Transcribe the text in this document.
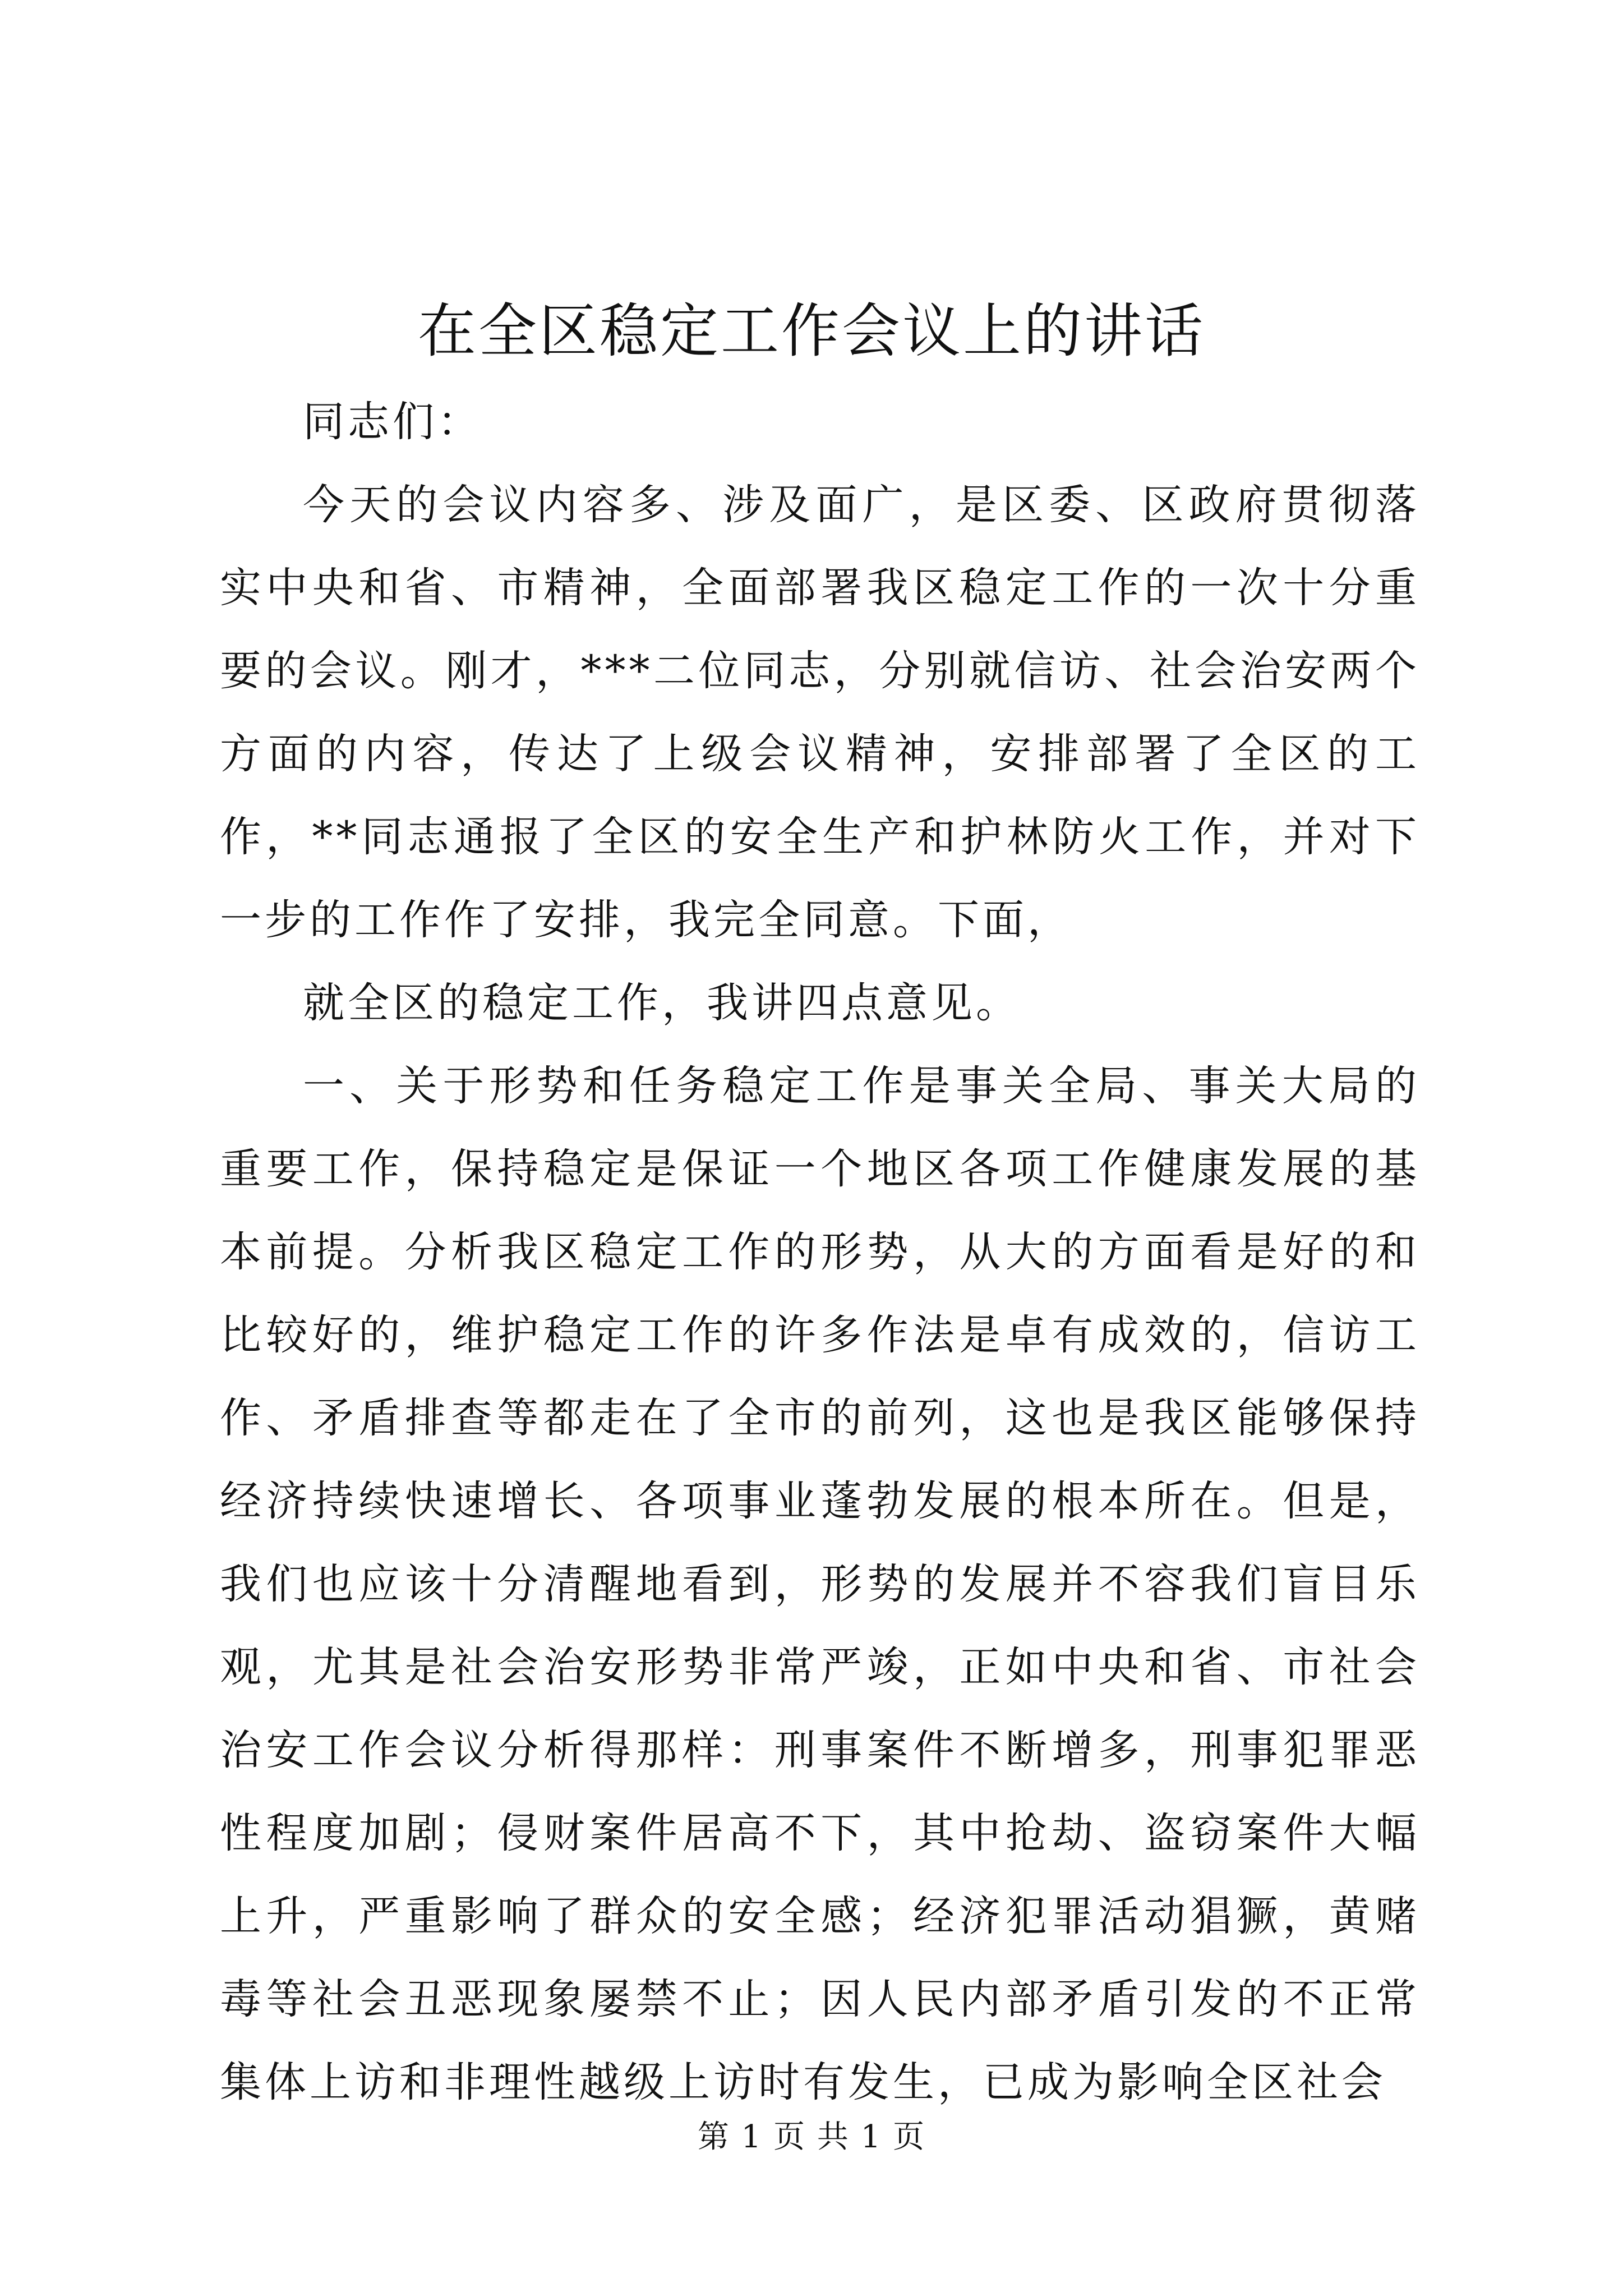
在全区稳定工作会议上的讲话

同志们：

今天的会议内容多、涉及面广，是区委、区政府贯彻落实中央和省、市精神，全面部署我区稳定工作的一次十分重要的会议。刚才，***二位同志，分别就信访、社会治安两个方面的内容，传达了上级会议精神，安排部署了全区的工作，**同志通报了全区的安全生产和护林防火工作，并对下一步的工作作了安排，我完全同意。下面，

就全区的稳定工作，我讲四点意见。

一、关于形势和任务稳定工作是事关全局、事关大局的重要工作，保持稳定是保证一个地区各项工作健康发展的基本前提。分析我区稳定工作的形势，从大的方面看是好的和比较好的，维护稳定工作的许多作法是卓有成效的，信访工作、矛盾排查等都走在了全市的前列，这也是我区能够保持经济持续快速增长、各项事业蓬勃发展的根本所在。但是，我们也应该十分清醒地看到，形势的发展并不容我们盲目乐观，尤其是社会治安形势非常严竣，正如中央和省、市社会治安工作会议分析得那样：刑事案件不断增多，刑事犯罪恶性程度加剧；侵财案件居高不下，其中抢劫、盗窃案件大幅上升，严重影响了群众的安全感；经济犯罪活动猖獗，黄赌毒等社会丑恶现象屡禁不止；因人民内部矛盾引发的不正常集体上访和非理性越级上访时有发生，已成为影响全区社会

第 1 页 共 1 页
